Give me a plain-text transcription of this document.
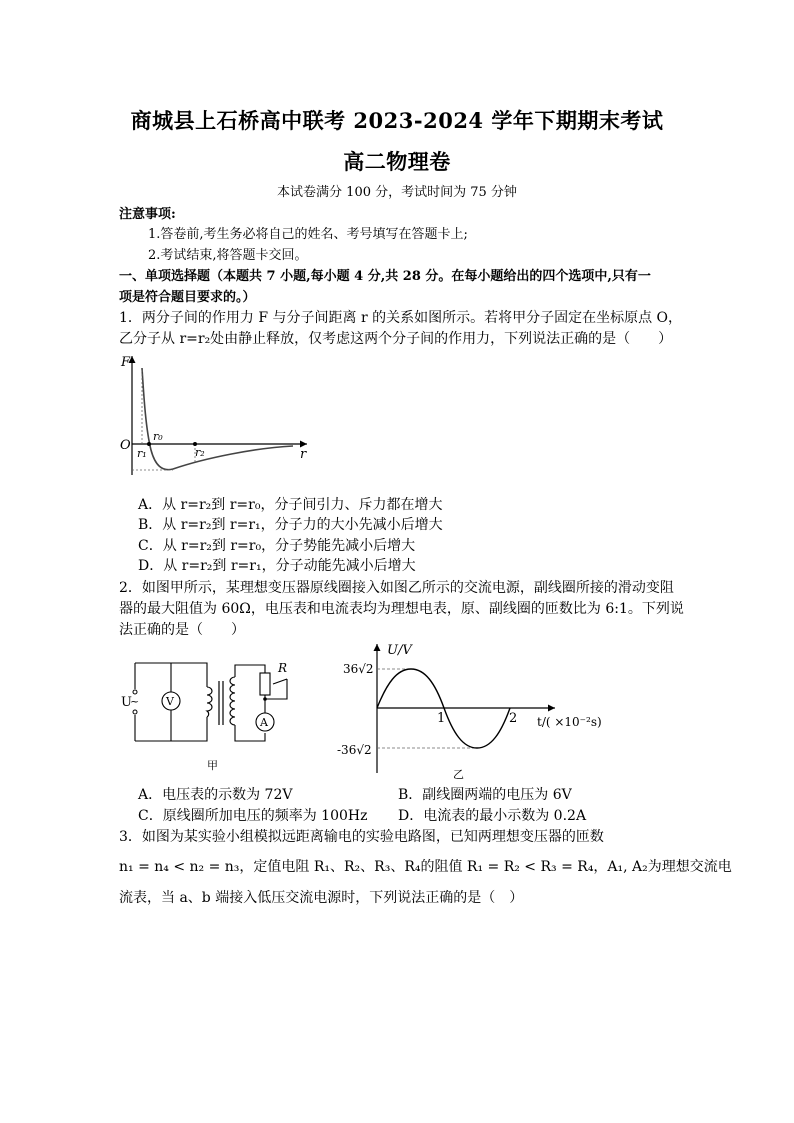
商城县上石桥高中联考 2023-2024 学年下期期末考试
高二物理卷
本试卷满分 100 分，考试时间为 75 分钟
注意事项:
1.答卷前,考生务必将自己的姓名、考号填写在答题卡上;
2.考试结束,将答题卡交回。
一、单项选择题（本题共 7 小题,每小题 4 分,共 28 分。在每小题给出的四个选项中,只有一
项是符合题目要求的。）
1．两分子间的作用力 F 与分子间距离 r 的关系如图所示。若将甲分子固定在坐标原点 O，
乙分子从 r=r₂处由静止释放，仅考虑这两个分子间的作用力，下列说法正确的是（　　）
F
r
O
r₀
r₁	r₂
A．从 r=r₂到 r=r₀，分子间引力、斥力都在增大
B．从 r=r₂到 r=r₁，分子力的大小先减小后增大
C．从 r=r₂到 r=r₀，分子势能先减小后增大
D．从 r=r₂到 r=r₁，分子动能先减小后增大
2．如图甲所示，某理想变压器原线圈接入如图乙所示的交流电源，副线圈所接的滑动变阻
器的最大阻值为 60Ω，电压表和电流表均为理想电表，原、副线圈的匝数比为 6:1。下列说
法正确的是（　　）
U
~ V
R
A
甲
U/V
t/( ×10⁻²s)
36√2
-36√2
1	2
乙
A．电压表的示数为 72V	B．副线圈两端的电压为 6V
C．原线圈所加电压的频率为 100Hz D．电流表的最小示数为 0.2A
3．如图为某实验小组模拟远距离输电的实验电路图，已知两理想变压器的匝数
n₁ = n₄ < n₂ = n₃，定值电阻 R₁、R₂、R₃、R₄的阻值 R₁ = R₂ < R₃ = R₄，A₁, A₂为理想交流电
流表，当 a、b 端接入低压交流电源时，下列说法正确的是（　）
